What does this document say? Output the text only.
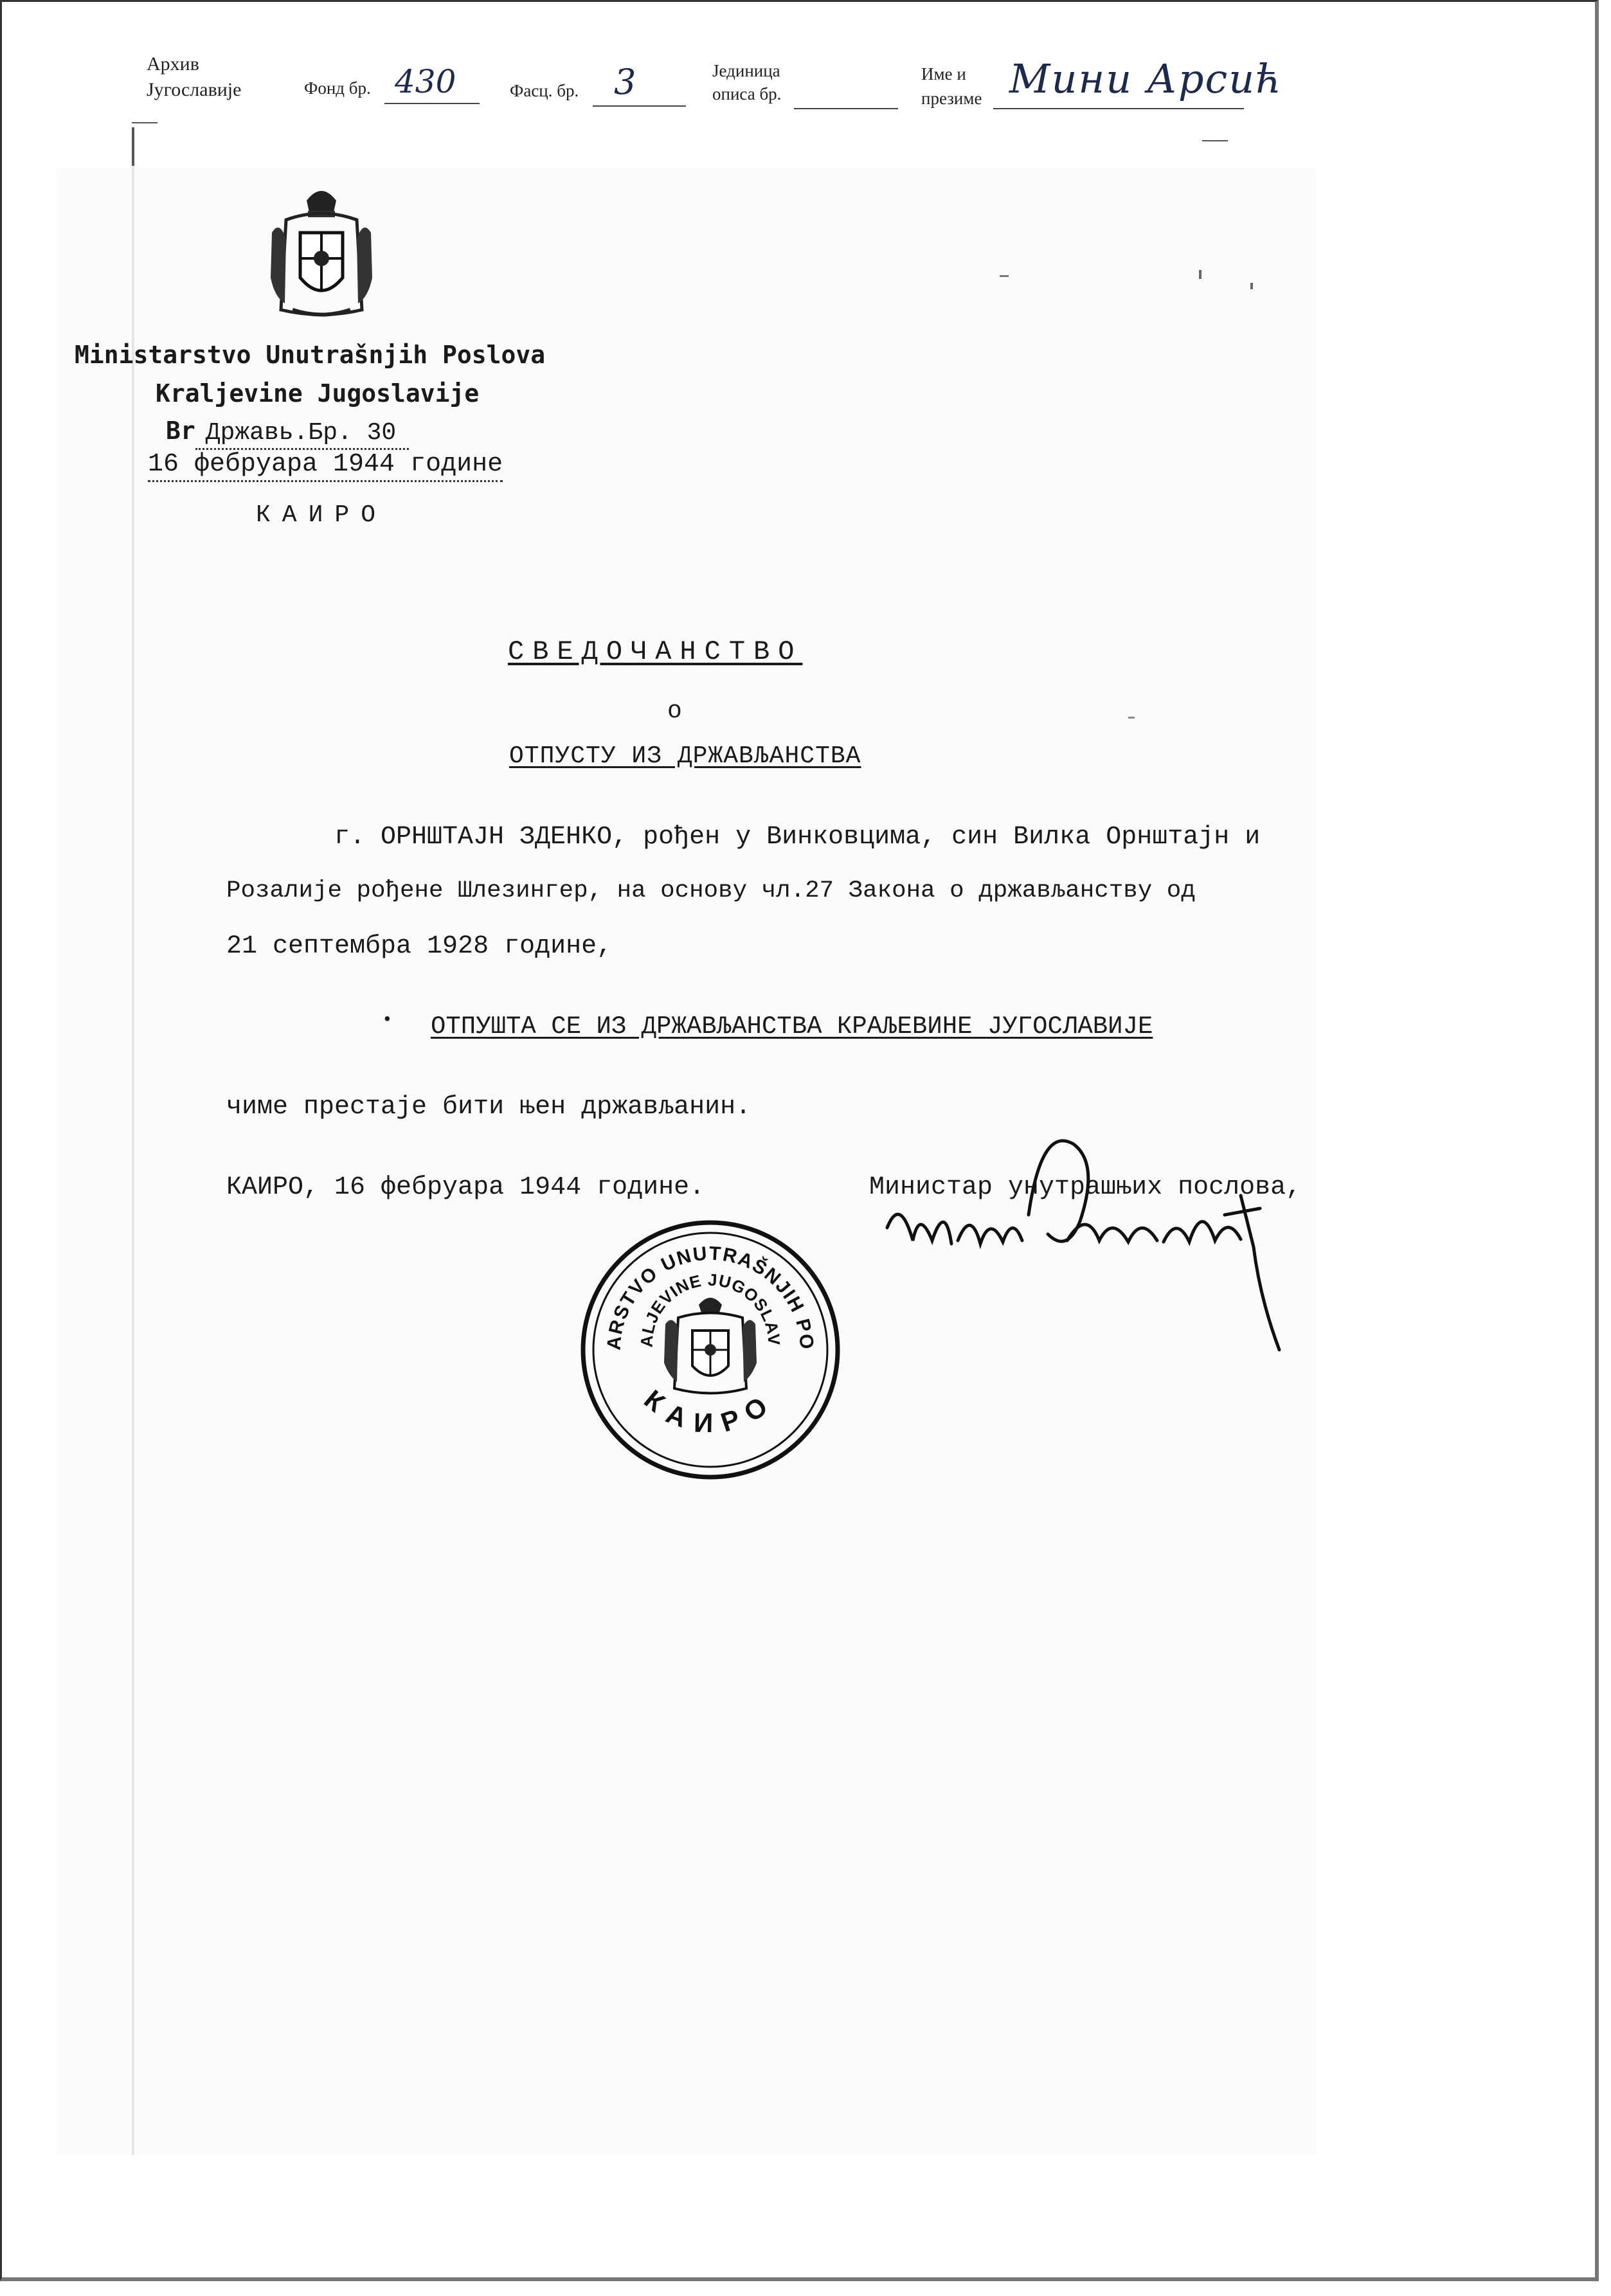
Архив
Југославије	Фонд бр. 430	Фасц. бр. 3	Јединица
описа бр.
Име и
презиме Мини Арсић
Ministarstvo Unutrašnjih Poslova
Kraljevine Jugoslavije
Br Државь.Бр. 30
16 фебруара 1944 године
КАИРО
СВЕДОЧАНСТВО
о
ОТПУСТУ ИЗ ДРЖАВЉАНСТВА
г. ОРНШТАЈН ЗДЕНКО, рођен у Винковцима, син Вилка Орнштајн и
Розалије рођене Шлезингер, на основу чл.27 Закона о држављанству од
21 септембра 1928 године,
• ОТПУШТА СЕ ИЗ ДРЖАВЉАНСТВА КРАЉЕВИНЕ ЈУГОСЛАВИЈЕ
чиме престаје бити њен држављанин.
КАИРО, 16 фебруара 1944 године.	Министар унутрашњих послова,
ARSTVO UNUTRAŠNJIH PO
ALJEVINE JUGOSLAV
КАИРО
